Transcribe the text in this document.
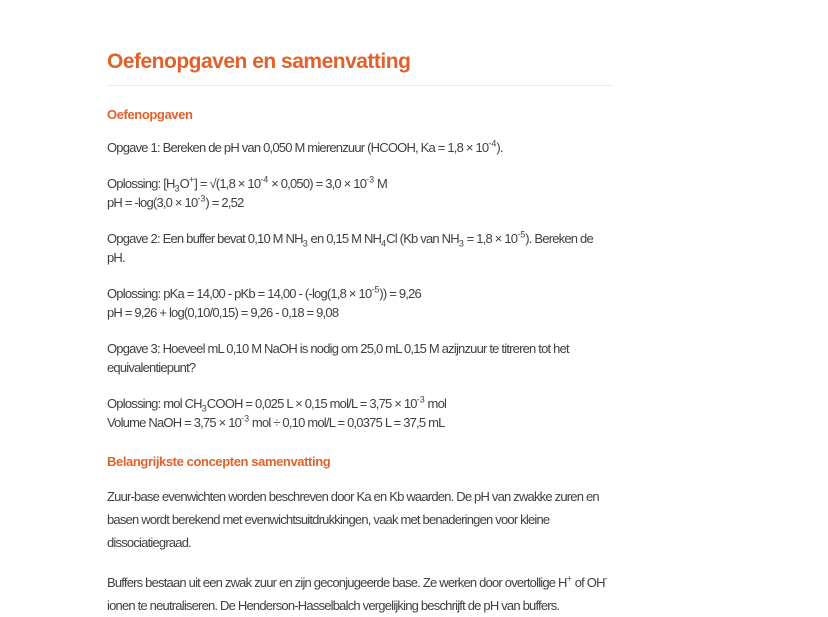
Oefenopgaven en samenvatting
Oefenopgaven

Opgave 1: Bereken de pH van 0,050 M mierenzuur (HCOOH, $Ka = 1,8 \times 10^{-4}$).

Oplossing: $[H_3O^+] = √(1,8 \times 10^{-4} \times 0,050) = 3,0 \times 10^{-3}$ M
pH = $-\log(3,0 \times 10^{-3}) = 2,52$

Opgave 2: Een buffer bevat 0,10 M $NH_3$ en 0,15 M $NH_4Cl$ (Kb van $NH_3 = 1,8 \times 10^{-5}$). Bereken de pH.

Oplossing: pKa = 14,00 - pKb = $14,00 - (-\log(1,8 \times 10^{-5})) = 9,26$
pH = 9,26 + log(0,10/0,15) = 9,26 - 0,18 = 9,08

Opgave 3: Hoeveel mL 0,10 M NaOH is nodig om 25,0 mL 0,15 M azijnzuur te titreren tot het equivalentiepunt?

Oplossing: mol $CH_3COOH = 0,025$ L × 0,15 $mol/L = 3,75 \times 10^{-3}$ mol
Volume NaOH = $3,75 \times 10^{-3}$ mol ÷ 0,10 mol/L = 0,0375 L = 37,5 mL

Belangrijkste concepten samenvatting

Zuur-base evenwichten worden beschreven door Ka en Kb waarden. De pH van zwakke zuren en basen wordt berekend met evenwichtsuitdrukkingen, vaak met benaderingen voor kleine dissociatiegraad.

Buffers bestaan uit een zwak zuur en zijn geconjugeerde base. Ze werken door overtollige H+ of OH- ionen te neutraliseren. De Henderson-Hasselbalch vergelijking beschrijft de pH van buffers.
